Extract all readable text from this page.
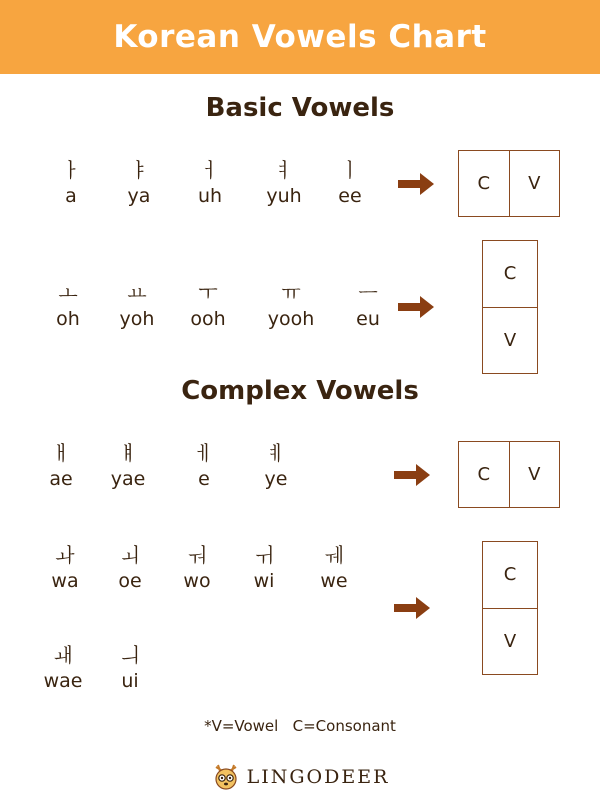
Korean Vowels Chart
Basic Vowels
ㅏ
a
ㅑ
ya
ㅓ
uh
ㅕ
yuh
ㅣ
ee
C	V
ㅗ
oh
ㅛ
yoh
ㅜ
ooh
ㅠ
yooh
ㅡ
eu
C
V
Complex Vowels
ㅐ
ae
ㅒ
yae
ㅔ
e
ㅖ
ye	C	V
ㅘ
wa
ㅚ
oe
ㅝ
wo
ㅟ
wi
ㅞ
we	C
V
ㅙ
wae
ㅢ
ui
*V=Vowel   C=Consonant
LINGODEER
